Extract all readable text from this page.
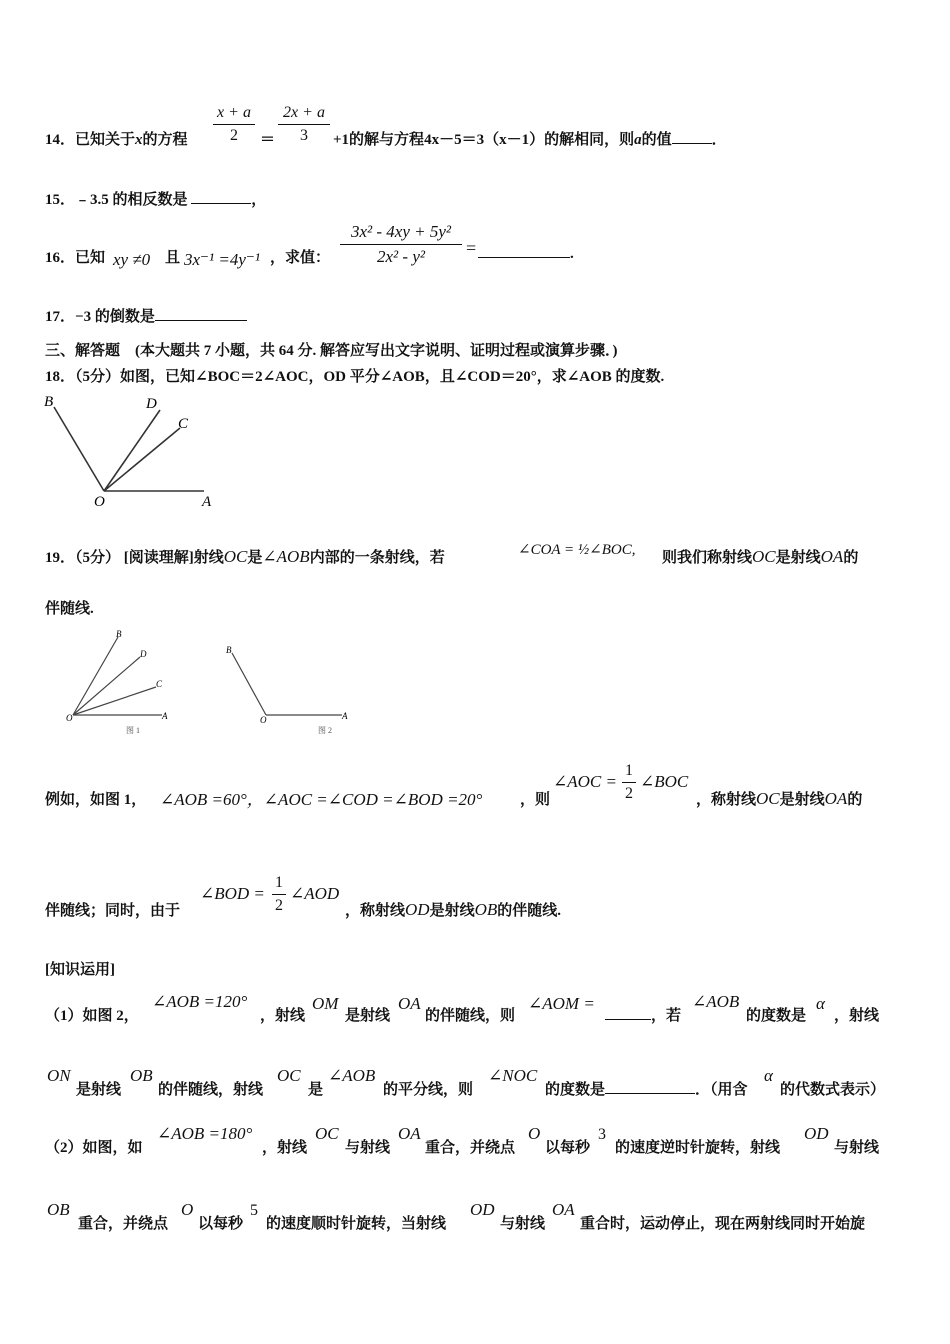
14．已知关于x的方程
x + a
2	＝
2x + a
3	+1的解与方程4x－5＝3（x－1）的解相同，则a的值	．
15．﹣3.5 的相反数是	，
16．已知 xy ≠0 且 3x⁻¹ =4y⁻¹ ，求值：
3x² - 4xy + 5y²
2x² - y²	=	.
17．−3 的倒数是
三、解答题　(本大题共 7 小题，共 64 分. 解答应写出文字说明、证明过程或演算步骤．)
18．（5分）如图，已知∠BOC＝2∠AOC，OD 平分∠AOB，且∠COD＝20°，求∠AOB 的度数.
B	D
C
O	A
19．（5分） [阅读理解]射线OC是∠AOB内部的一条射线，若	∠COA = ½∠BOC, 则我们称射线OC是射线OA的
伴随线.
B
D
C
O	A
图 1
B
O	A
图 2
例如，如图 1， ∠AOB =60°，∠AOC =∠COD =∠BOD =20°	，则
∠AOC =
1
2
∠BOC
，称射线OC是射线OA的
伴随线；同时，由于
∠BOD =
1
2
∠AOD
，称射线OD是射线OB的伴随线.
[知识运用]
（1）如图 2，
∠AOB =120°
，射线
OM
是射线
OA
的伴随线，则
∠AOM =
，若
∠AOB
的度数是
α
，射线
ON
是射线
OB
的伴随线，射线
OC
是
∠AOB
的平分线，则
∠NOC
的度数是	．（用含
α
的代数式表示）
（2）如图，如
∠AOB =180°
，射线
OC
与射线
OA
重合，并绕点
O
以每秒
3
的速度逆时针旋转，射线
OD
与射线
OB
重合，并绕点
O
以每秒
5
的速度顺时针旋转，当射线
OD
与射线
OA
重合时，运动停止，现在两射线同时开始旋
